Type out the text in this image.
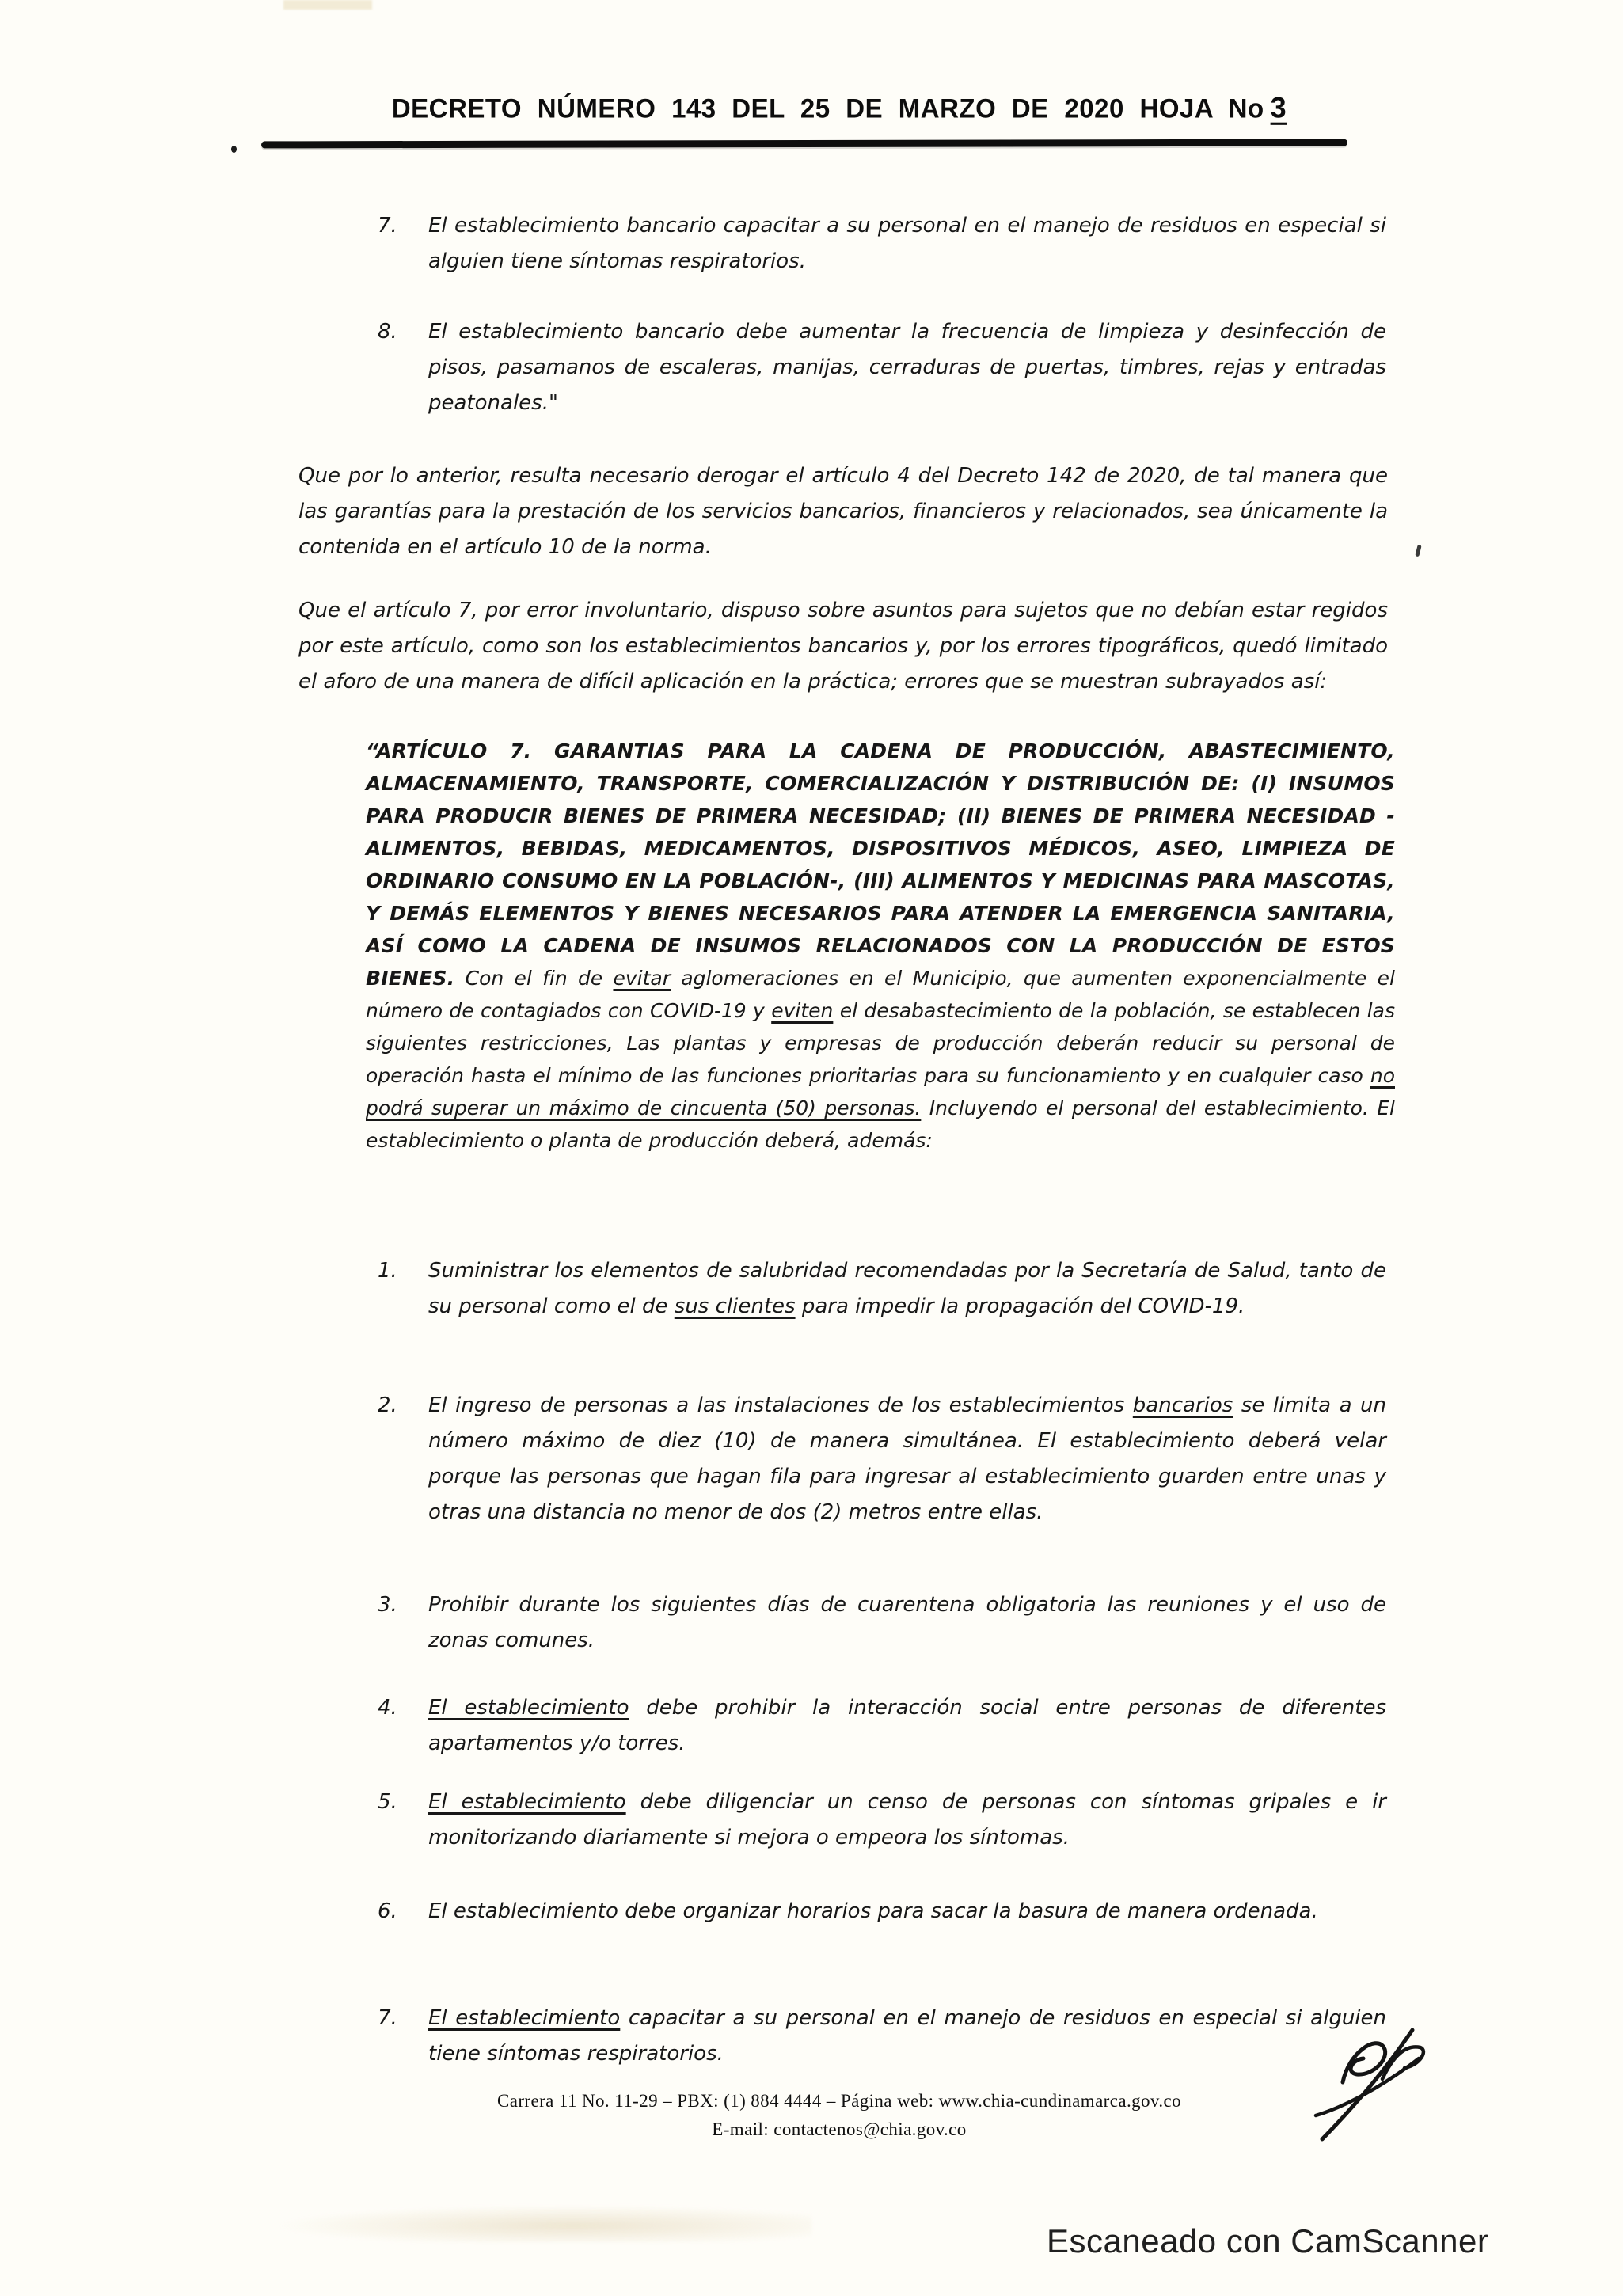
DECRETO NÚMERO 143 DEL 25 DE MARZO DE 2020 HOJA No 3
7.	El establecimiento bancario capacitar a su personal en el manejo de residuos en especial si alguien tiene síntomas respiratorios.
8.	El establecimiento bancario debe aumentar la frecuencia de limpieza y desinfección de pisos, pasamanos de escaleras, manijas, cerraduras de puertas, timbres, rejas y entradas peatonales."

Que por lo anterior, resulta necesario derogar el artículo 4 del Decreto 142 de 2020, de tal manera que las garantías para la prestación de los servicios bancarios, financieros y relacionados, sea únicamente la contenida en el artículo 10 de la norma.

Que el artículo 7, por error involuntario, dispuso sobre asuntos para sujetos que no debían estar regidos por este artículo, como son los establecimientos bancarios y, por los errores tipográficos, quedó limitado el aforo de una manera de difícil aplicación en la práctica; errores que se muestran subrayados así:

“ARTÍCULO 7. GARANTIAS PARA LA CADENA DE PRODUCCIÓN, ABASTECIMIENTO, ALMACENAMIENTO, TRANSPORTE, COMERCIALIZACIÓN Y DISTRIBUCIÓN DE: (I) INSUMOS PARA PRODUCIR BIENES DE PRIMERA NECESIDAD; (II) BIENES DE PRIMERA NECESIDAD -ALIMENTOS, BEBIDAS, MEDICAMENTOS, DISPOSITIVOS MÉDICOS, ASEO, LIMPIEZA DE ORDINARIO CONSUMO EN LA POBLACIÓN-, (III) ALIMENTOS Y MEDICINAS PARA MASCOTAS, Y DEMÁS ELEMENTOS Y BIENES NECESARIOS PARA ATENDER LA EMERGENCIA SANITARIA, ASÍ COMO LA CADENA DE INSUMOS RELACIONADOS CON LA PRODUCCIÓN DE ESTOS BIENES. Con el fin de evitar aglomeraciones en el Municipio, que aumenten exponencialmente el número de contagiados con COVID-19 y eviten el desabastecimiento de la población, se establecen las siguientes restricciones, Las plantas y empresas de producción deberán reducir su personal de operación hasta el mínimo de las funciones prioritarias para su funcionamiento y en cualquier caso no podrá superar un máximo de cincuenta (50) personas. Incluyendo el personal del establecimiento. El establecimiento o planta de producción deberá, además:
1.	Suministrar los elementos de salubridad recomendadas por la Secretaría de Salud, tanto de su personal como el de sus clientes para impedir la propagación del COVID-19.
2.	El ingreso de personas a las instalaciones de los establecimientos bancarios se limita a un número máximo de diez (10) de manera simultánea. El establecimiento deberá velar porque las personas que hagan fila para ingresar al establecimiento guarden entre unas y otras una distancia no menor de dos (2) metros entre ellas.
3.	Prohibir durante los siguientes días de cuarentena obligatoria las reuniones y el uso de zonas comunes.
4.	El establecimiento debe prohibir la interacción social entre personas de diferentes apartamentos y/o torres.
5.	El establecimiento debe diligenciar un censo de personas con síntomas gripales e ir monitorizando diariamente si mejora o empeora los síntomas.
6.	El establecimiento debe organizar horarios para sacar la basura de manera ordenada.
7.	El establecimiento capacitar a su personal en el manejo de residuos en especial si alguien tiene síntomas respiratorios.
Carrera 11 No. 11-29 – PBX: (1) 884 4444 – Página web: www.chia-cundinamarca.gov.co
E-mail: contactenos@chia.gov.co
Escaneado con CamScanner
